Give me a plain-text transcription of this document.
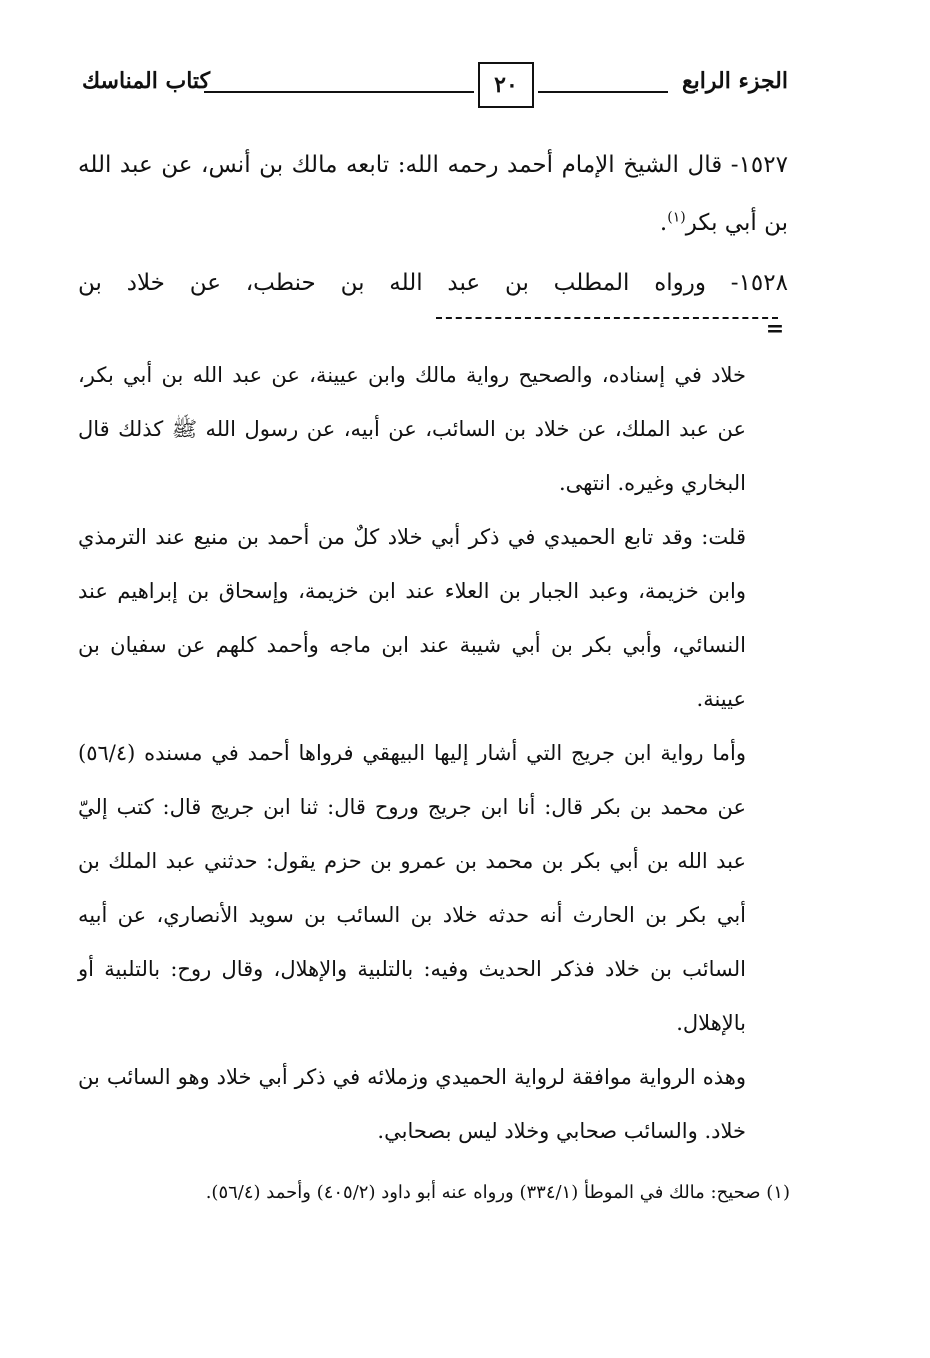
الجزء الرابع
٢٠
كتاب المناسك
١٥٢٧- قال الشيخ الإمام أحمد رحمه الله: تابعه مالك بن أنس، عن عبد الله بن أبي بكر$^{(١)}$.
١٥٢٨- ورواه المطلب بن عبد الله بن حنطب، عن خلاد بن
=
خلاد في إسناده، والصحيح رواية مالك وابن عيينة، عن عبد الله بن أبي بكر، عن عبد الملك، عن خلاد بن السائب، عن أبيه، عن رسول الله ﷺ كذلك قال البخاري وغيره. انتهى.
قلت: وقد تابع الحميدي في ذكر أبي خلاد كلٌ من أحمد بن منيع عند الترمذي وابن خزيمة، وعبد الجبار بن العلاء عند ابن خزيمة، وإسحاق بن إبراهيم عند النسائي، وأبي بكر بن أبي شيبة عند ابن ماجه وأحمد كلهم عن سفيان بن عيينة.
وأما رواية ابن جريج التي أشار إليها البيهقي فرواها أحمد في مسنده (٥٦/٤) عن محمد بن بكر قال: أنا ابن جريج وروح قال: ثنا ابن جريج قال: كتب إليّ عبد الله بن أبي بكر بن محمد بن عمرو بن حزم يقول: حدثني عبد الملك بن أبي بكر بن الحارث أنه حدثه خلاد بن السائب بن سويد الأنصاري، عن أبيه السائب بن خلاد فذكر الحديث وفيه: بالتلبية والإهلال، وقال روح: بالتلبية أو بالإهلال.
وهذه الرواية موافقة لرواية الحميدي وزملائه في ذكر أبي خلاد وهو السائب بن خلاد. والسائب صحابي وخلاد ليس بصحابي.
(١) صحيح: مالك في الموطأ (٣٣٤/١) ورواه عنه أبو داود (٤٠٥/٢) وأحمد (٥٦/٤).
